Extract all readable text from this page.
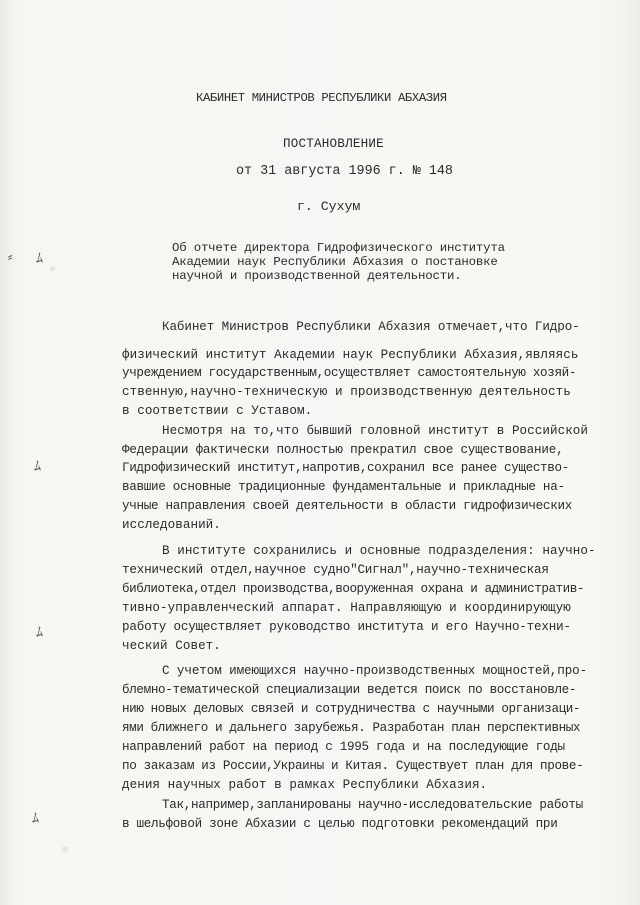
⸗ ﾑ
ﾑ
ﾑ
ﾑ
КАБИНЕТ МИНИСТРОВ РЕСПУБЛИКИ АБХАЗИЯ
ПОСТАНОВЛЕНИЕ
от 31 августа 1996 г. № 148
г. Сухум
Об отчете директора Гидрофизического института
Академии наук Республики Абхазия о постановке
научной и производственной деятельности.
Кабинет Министров Республики Абхазия отмечает,что Гидро-
физический институт Академии наук Республики Абхазия,являясь
учреждением государственным,осуществляет самостоятельную хозяй-
ственную,научно-техническую и производственную деятельность
в соответствии с Уставом.
Несмотря на то,что бывший головной институт в Российской
Федерации фактически полностью прекратил свое существование,
Гидрофизический институт,напротив,сохранил все ранее существо-
вавшие основные традиционные фундаментальные и прикладные на-
учные направления своей деятельности в области гидрофизических
исследований.
В институте сохранились и основные подразделения: научно-
технический отдел,научное судно"Сигнал",научно-техническая
библиотека,отдел производства,вооруженная охрана и административ-
тивно-управленческий аппарат. Направляющую и координирующую
работу осуществляет руководство института и его Научно-техни-
ческий Совет.
С учетом имеющихся научно-производственных мощностей,про-
блемно-тематической специализации ведется поиск по восстановле-
нию новых деловых связей и сотрудничества с научными организаци-
ями ближнего и дальнего зарубежья. Разработан план перспективных
направлений работ на период с 1995 года и на последующие годы
по заказам из России,Украины и Китая. Существует план для прове-
дения научных работ в рамках Республики Абхазия.
Так,например,запланированы научно-исследовательские работы
в шельфовой зоне Абхазии с целью подготовки рекомендаций при
